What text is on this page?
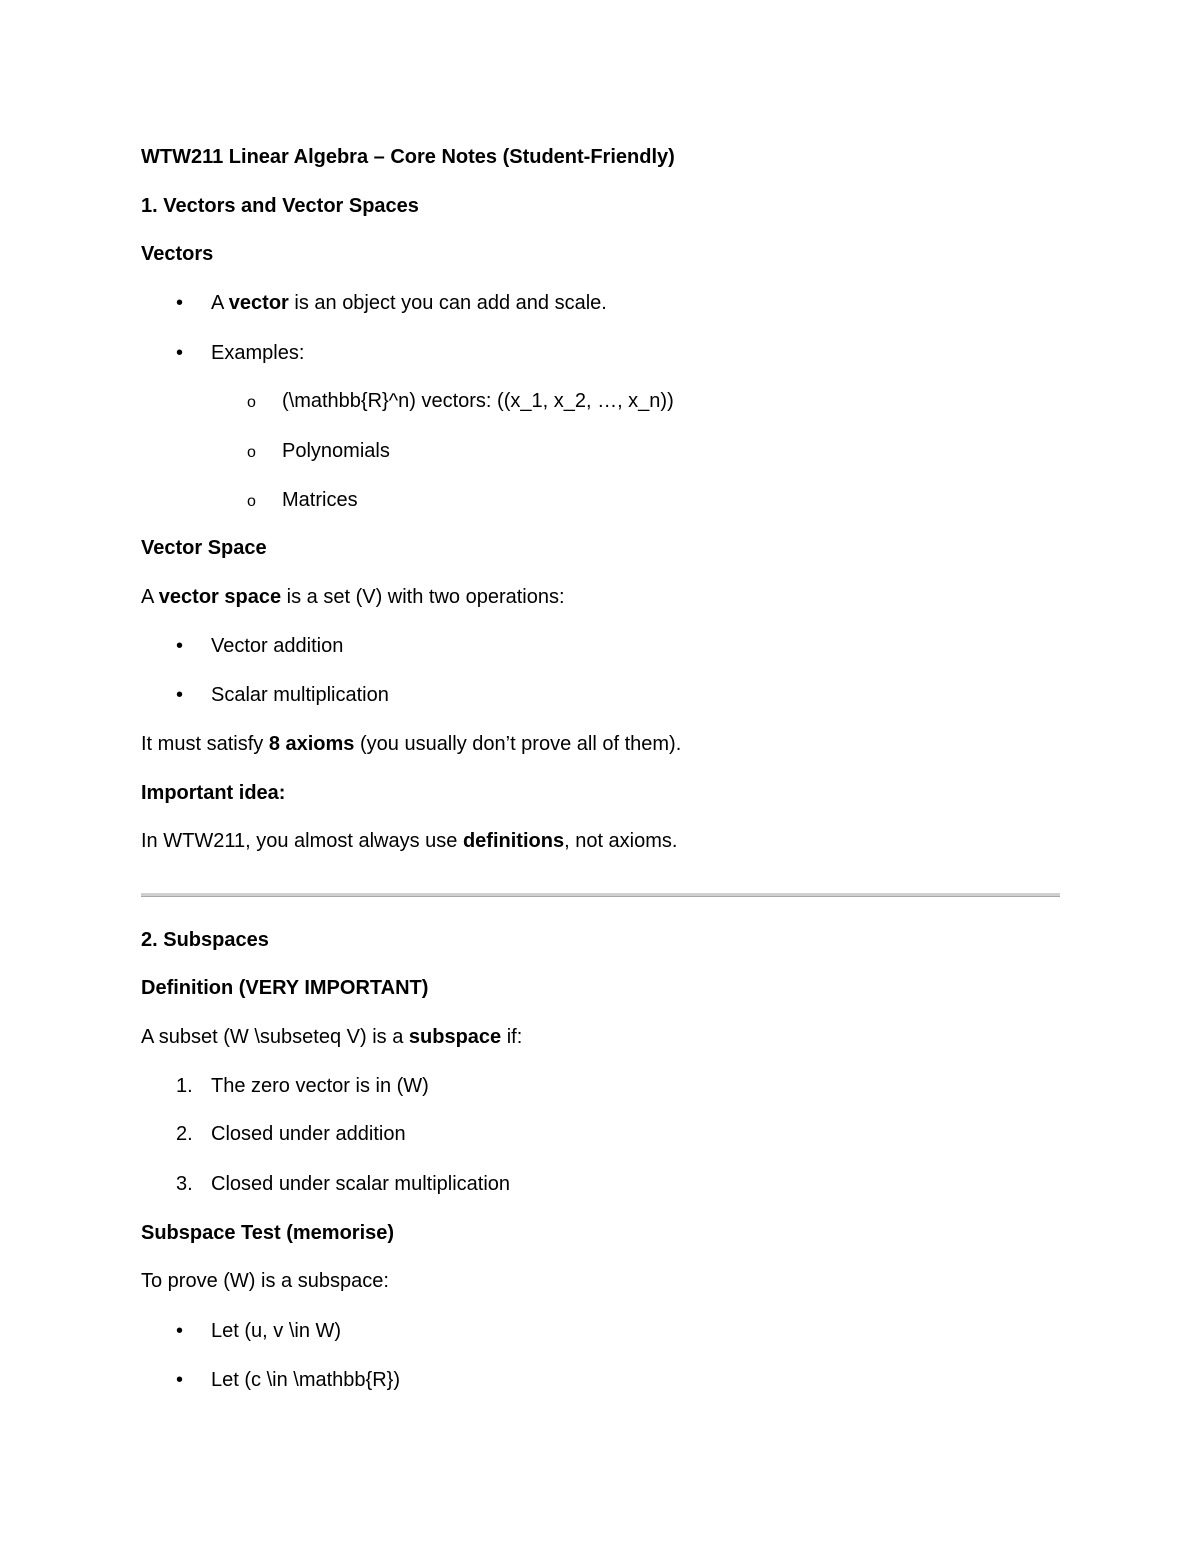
WTW211 Linear Algebra – Core Notes (Student-Friendly)
1. Vectors and Vector Spaces
Vectors
• A vector is an object you can add and scale.
• Examples:
o (\mathbb{R}^n) vectors: ((x_1, x_2, …, x_n))
o Polynomials
o Matrices
Vector Space
A vector space is a set (V) with two operations:
• Vector addition
• Scalar multiplication
It must satisfy 8 axioms (you usually don’t prove all of them).
Important idea:
In WTW211, you almost always use definitions, not axioms.
2. Subspaces
Definition (VERY IMPORTANT)
A subset (W \subseteq V) is a subspace if:
1. The zero vector is in (W)
2. Closed under addition
3. Closed under scalar multiplication
Subspace Test (memorise)
To prove (W) is a subspace:
• Let (u, v \in W)
• Let (c \in \mathbb{R})
